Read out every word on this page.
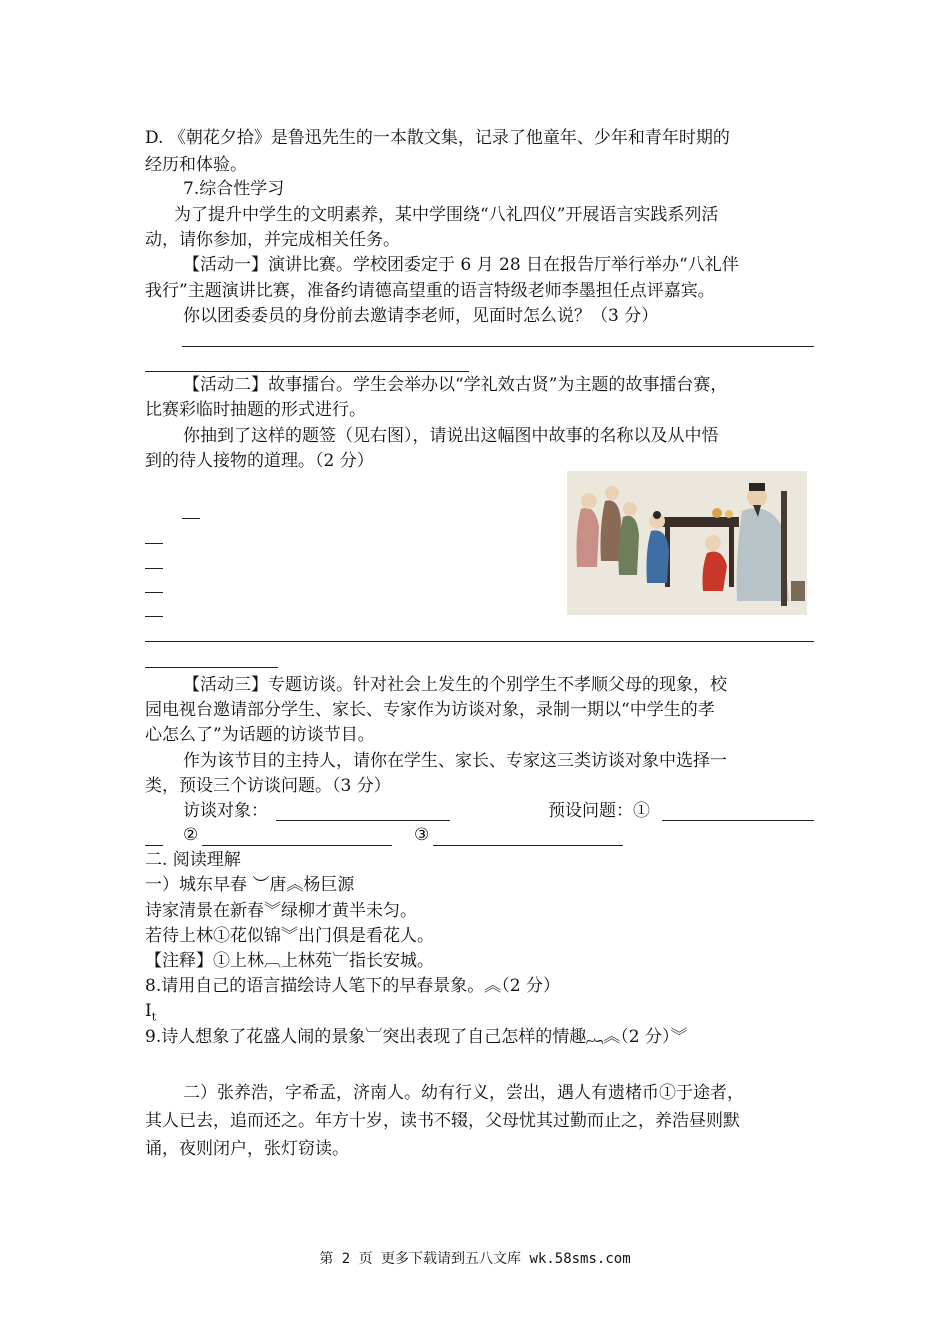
D. 《朝花夕拾》是鲁迅先生的一本散文集，记录了他童年、少年和青年时期的
经历和体验。
7.综合性学习
为了提升中学生的文明素养，某中学围绕“八礼四仪”开展语言实践系列活
动，请你参加，并完成相关任务。
【活动一】演讲比赛。学校团委定于 6 月 28 日在报告厅举行举办“八礼伴
我行”主题演讲比赛，准备约请德高望重的语言特级老师李墨担任点评嘉宾。
你以团委委员的身份前去邀请李老师，见面时怎么说？（3 分）
【活动二】故事擂台。学生会举办以“学礼效古贤”为主题的故事擂台赛，
比赛彩临时抽题的形式进行。
你抽到了这样的题签（见右图），请说出这幅图中故事的名称以及从中悟
到的待人接物的道理。（2 分）
【活动三】专题访谈。针对社会上发生的个别学生不孝顺父母的现象，校
园电视台邀请部分学生、家长、专家作为访谈对象，录制一期以“中学生的孝
心怎么了”为话题的访谈节目。
作为该节目的主持人，请你在学生、家长、专家这三类访谈对象中选择一
类，预设三个访谈问题。（3 分）
访谈对象：	预设问题：①
②	③
二. 阅读理解
一）城东早春 ︶唐︽杨巨源
诗家清景在新春︾绿柳才黄半未匀。
若待上林①花似锦︾出门俱是看花人。
【注释】①上林︹上林苑︺指长安城。
8.请用自己的语言描绘诗人笔下的早春景象。︽（2 分）
$I_t$
9.诗人想象了花盛人闹的景象︺突出表现了自己怎样的情趣︷︽（2 分）︾
二）张养浩，字希孟，济南人。幼有行义，尝出，遇人有遗楮币①于途者，
其人已去，追而还之。年方十岁，读书不辍，父母忧其过勤而止之，养浩昼则默
诵，夜则闭户，张灯窃读。
第 2 页 更多下载请到五八文库 wk.58sms.com
